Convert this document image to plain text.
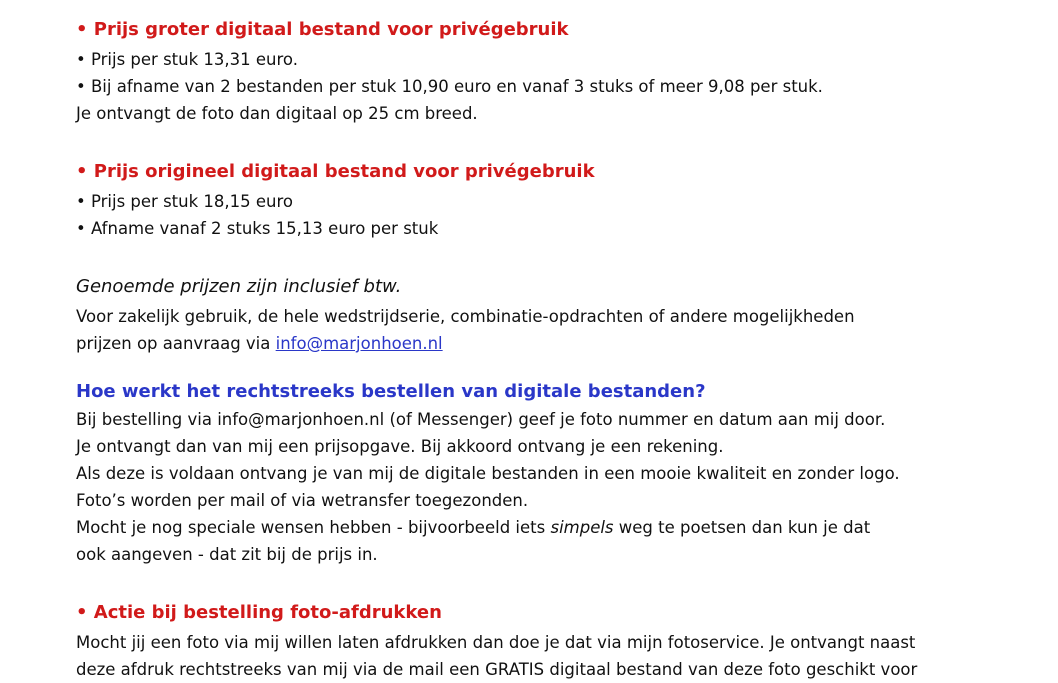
• Prijs groter digitaal bestand voor privégebruik

• Prijs per stuk 13,31 euro.

• Bij afname van 2 bestanden per stuk 10,90 euro en vanaf 3 stuks of meer 9,08 per stuk.

Je ontvangt de foto dan digitaal op 25 cm breed.

• Prijs origineel digitaal bestand voor privégebruik

• Prijs per stuk 18,15 euro

• Afname vanaf 2 stuks 15,13 euro per stuk

Genoemde prijzen zijn inclusief btw.

Voor zakelijk gebruik, de hele wedstrijdserie, combinatie-opdrachten of andere mogelijkheden

prijzen op aanvraag via info@marjonhoen.nl

Hoe werkt het rechtstreeks bestellen van digitale bestanden?

Bij bestelling via info@marjonhoen.nl (of Messenger) geef je foto nummer en datum aan mij door.

Je ontvangt dan van mij een prijsopgave. Bij akkoord ontvang je een rekening.

Als deze is voldaan ontvang je van mij de digitale bestanden in een mooie kwaliteit en zonder logo.

Foto’s worden per mail of via wetransfer toegezonden.

Mocht je nog speciale wensen hebben - bijvoorbeeld iets simpels weg te poetsen dan kun je dat

ook aangeven - dat zit bij de prijs in.

• Actie bij bestelling foto-afdrukken

Mocht jij een foto via mij willen laten afdrukken dan doe je dat via mijn fotoservice. Je ontvangt naast

deze afdruk rechtstreeks van mij via de mail een GRATIS digitaal bestand van deze foto geschikt voor
